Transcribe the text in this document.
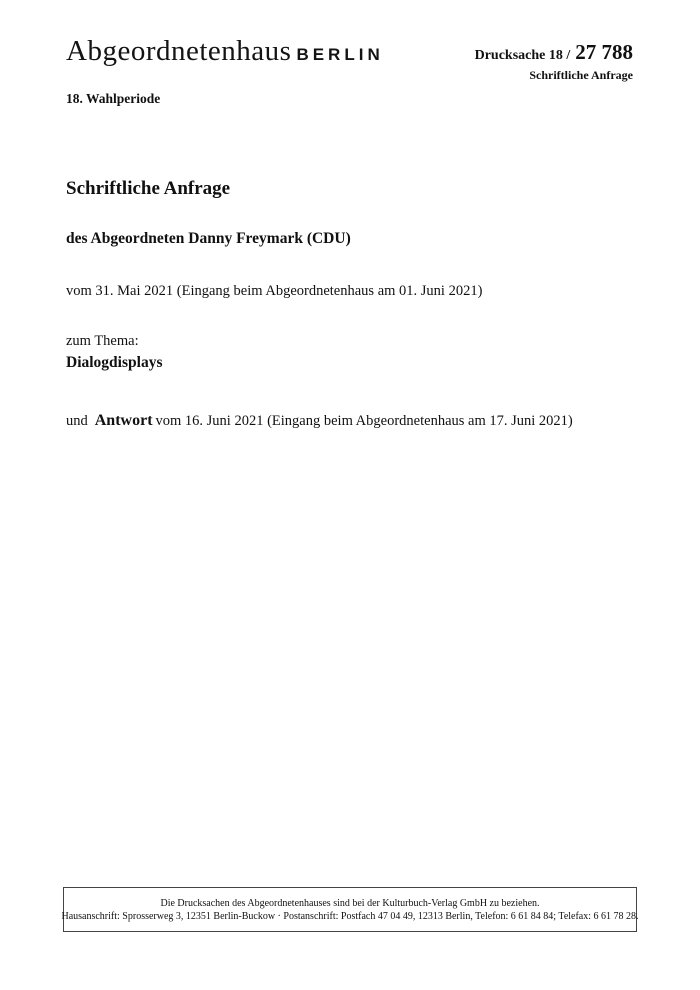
Abgeordnetenhaus BERLIN	Drucksache 18 / 27 788
Schriftliche Anfrage
18. Wahlperiode
Schriftliche Anfrage
des Abgeordneten Danny Freymark (CDU)
vom 31. Mai 2021 (Eingang beim Abgeordnetenhaus am 01. Juni 2021)
zum Thema:
Dialogdisplays
und Antwort vom 16. Juni 2021 (Eingang beim Abgeordnetenhaus am 17. Juni 2021)
Die Drucksachen des Abgeordnetenhauses sind bei der Kulturbuch-Verlag GmbH zu beziehen.
Hausanschrift: Sprosserweg 3, 12351 Berlin-Buckow · Postanschrift: Postfach 47 04 49, 12313 Berlin, Telefon: 6 61 84 84; Telefax: 6 61 78 28.
